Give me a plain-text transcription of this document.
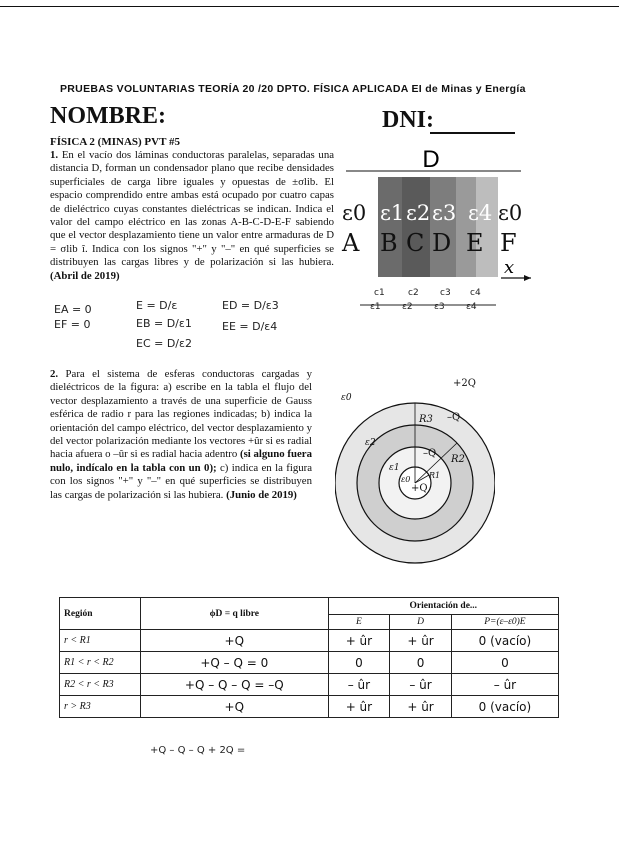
PRUEBAS VOLUNTARIAS TEORÍA 20 /20 DPTO. FÍSICA APLICADA EI de Minas y Energía
NOMBRE:	DNI:
FÍSICA 2 (MINAS) PVT #5
1. En el vacío dos láminas conductoras paralelas, separadas una distancia D, forman un condensador plano que recibe densidades superficiales de carga libre iguales y opuestas de ±σlib. El espacio comprendido entre ambas está ocupado por cuatro capas de dieléctrico cuyas constantes dieléctricas se indican. Indica el valor del campo eléctrico en las zonas A-B-C-D-E-F sabiendo que el vector desplazamiento tiene un valor entre armaduras de D = σlib î. Indica con los signos "+" y "–" en qué superficies se distribuyen las cargas libres y de polarización si las hubiera. (Abril de 2019)
EA = 0
EF = 0
E = D/ε
EB = D/ε1
EC = D/ε2
ED = D/ε3
EE = D/ε4
D
ε0 ε1 ε2 ε3 ε4 ε0
A B C D E F
x
c1	c2 c3 c4
ε1 ε2 ε3 ε4
2. Para el sistema de esferas conductoras cargadas y dieléctricos de la figura: a) escribe en la tabla el flujo del vector desplazamiento a través de una superficie de Gauss esférica de radio r para las regiones indicadas; b) indica la orientación del campo eléctrico, del vector desplazamiento y del vector polarización mediante los vectores +ûr si es radial hacia afuera o –ûr si es radial hacia adentro (si alguno fuera nulo, indícalo en la tabla con un 0); c) indica en la figura con los signos "+" y "–" en qué superficies se distribuyen las cargas de polarización si las hubiera. (Junio de 2019)
+2Q
–Q
–Q
+Q
R3
R2
R1
ε0
ε2
ε1
ε0
Región	ϕD = q libre	Orientación de...		
		E	D	P=(ε–ε0)E
r < R1	+Q	+ ûr	+ ûr	0 (vacío)
R1 < r < R2	+Q – Q = 0	0	0	0
R2 < r < R3	+Q – Q – Q = –Q	– ûr	– ûr	– ûr
r > R3	+Q	+ ûr	+ ûr	0 (vacío)
+Q – Q – Q + 2Q =
